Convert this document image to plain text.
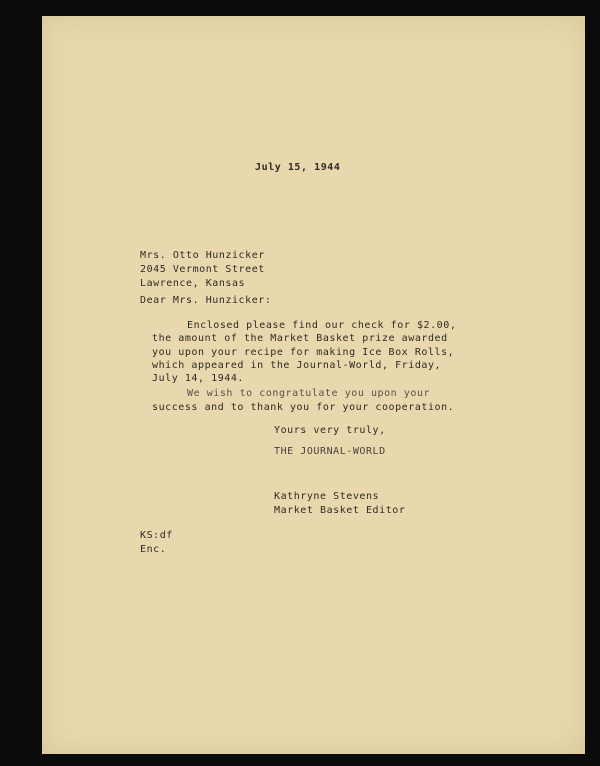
July 15, 1944
Mrs. Otto Hunzicker
2045 Vermont Street
Lawrence, Kansas
Dear Mrs. Hunzicker:
Enclosed please find our check for $2.00,
the amount of the Market Basket prize awarded
you upon your recipe for making Ice Box Rolls,
which appeared in the Journal-World, Friday,
July 14, 1944.
We wish to congratulate you upon your
success and to thank you for your cooperation.
Yours very truly,
THE JOURNAL-WORLD
Kathryne Stevens
Market Basket Editor
KS:df
Enc.
